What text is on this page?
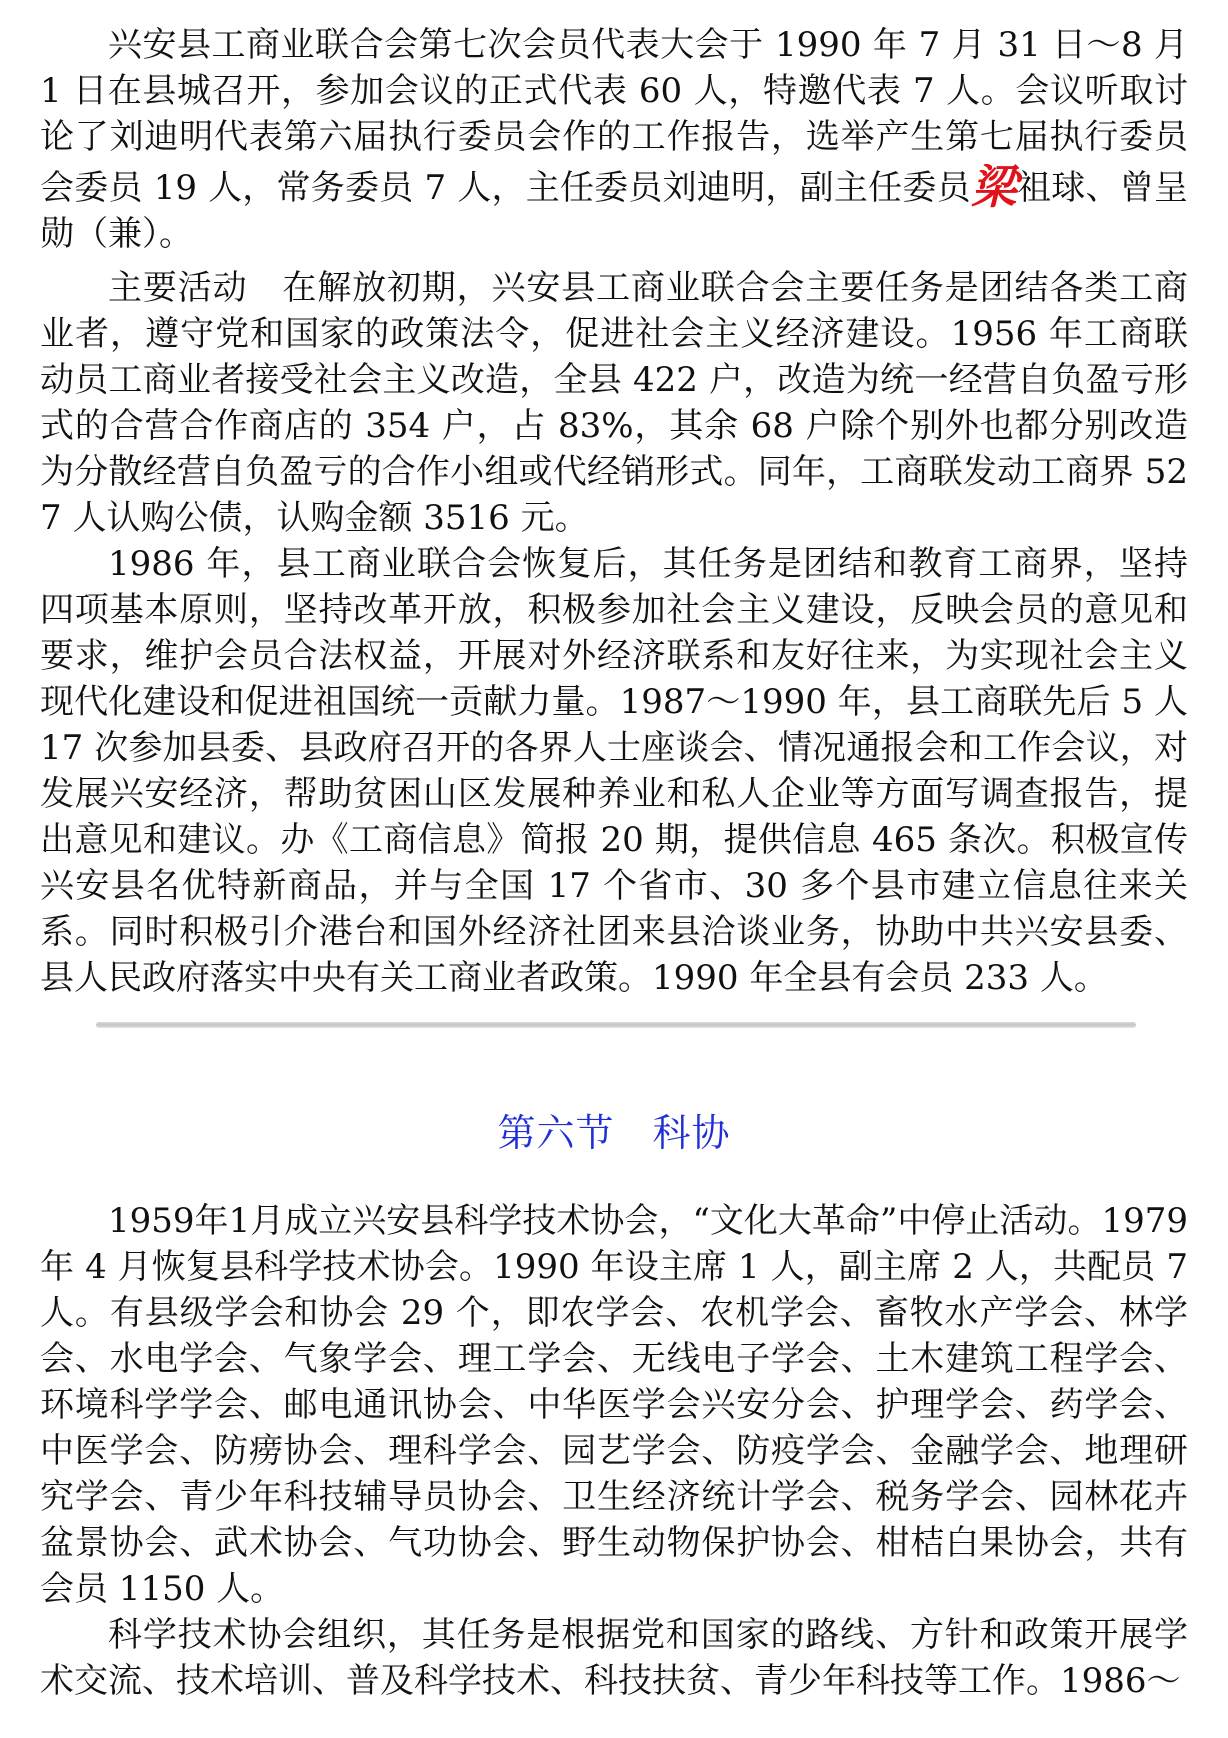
兴安县工商业联合会第七次会员代表大会于 1990 年 7 月 31 日～8 月 1 日在县城召开，参加会议的正式代表 60 人，特邀代表 7 人。会议听取讨论了刘迪明代表第六届执行委员会作的工作报告，选举产生第七届执行委员会委员 19 人，常务委员 7 人，主任委员刘迪明，副主任委员梁祖球、曾呈勋（兼）。

主要活动　在解放初期，兴安县工商业联合会主要任务是团结各类工商业者，遵守党和国家的政策法令，促进社会主义经济建设。1956 年工商联动员工商业者接受社会主义改造，全县 422 户，改造为统一经营自负盈亏形式的合营合作商店的 354 户，占 83%，其余 68 户除个别外也都分别改造为分散经营自负盈亏的合作小组或代经销形式。同年，工商联发动工商界 527 人认购公债，认购金额 3516 元。

1986 年，县工商业联合会恢复后，其任务是团结和教育工商界，坚持四项基本原则，坚持改革开放，积极参加社会主义建设，反映会员的意见和要求，维护会员合法权益，开展对外经济联系和友好往来，为实现社会主义现代化建设和促进祖国统一贡献力量。1987～1990 年，县工商联先后 5 人 17 次参加县委、县政府召开的各界人士座谈会、情况通报会和工作会议，对发展兴安经济，帮助贫困山区发展种养业和私人企业等方面写调查报告，提出意见和建议。办《工商信息》简报 20 期，提供信息 465 条次。积极宣传兴安县名优特新商品，并与全国 17 个省市、30 多个县市建立信息往来关系。同时积极引介港台和国外经济社团来县洽谈业务，协助中共兴安县委、县人民政府落实中央有关工商业者政策。1990 年全县有会员 233 人。

第六节 科协

1959年1月成立兴安县科学技术协会，“文化大革命”中停止活动。1979 年 4 月恢复县科学技术协会。1990 年设主席 1 人，副主席 2 人，共配员 7 人。有县级学会和协会 29 个，即农学会、农机学会、畜牧水产学会、林学会、水电学会、气象学会、理工学会、无线电子学会、土木建筑工程学会、环境科学学会、邮电通讯协会、中华医学会兴安分会、护理学会、药学会、中医学会、防痨协会、理科学会、园艺学会、防疫学会、金融学会、地理研究学会、青少年科技辅导员协会、卫生经济统计学会、税务学会、园林花卉盆景协会、武术协会、气功协会、野生动物保护协会、柑桔白果协会，共有会员 1150 人。

科学技术协会组织，其任务是根据党和国家的路线、方针和政策开展学术交流、技术培训、普及科学技术、科技扶贫、青少年科技等工作。1986～
